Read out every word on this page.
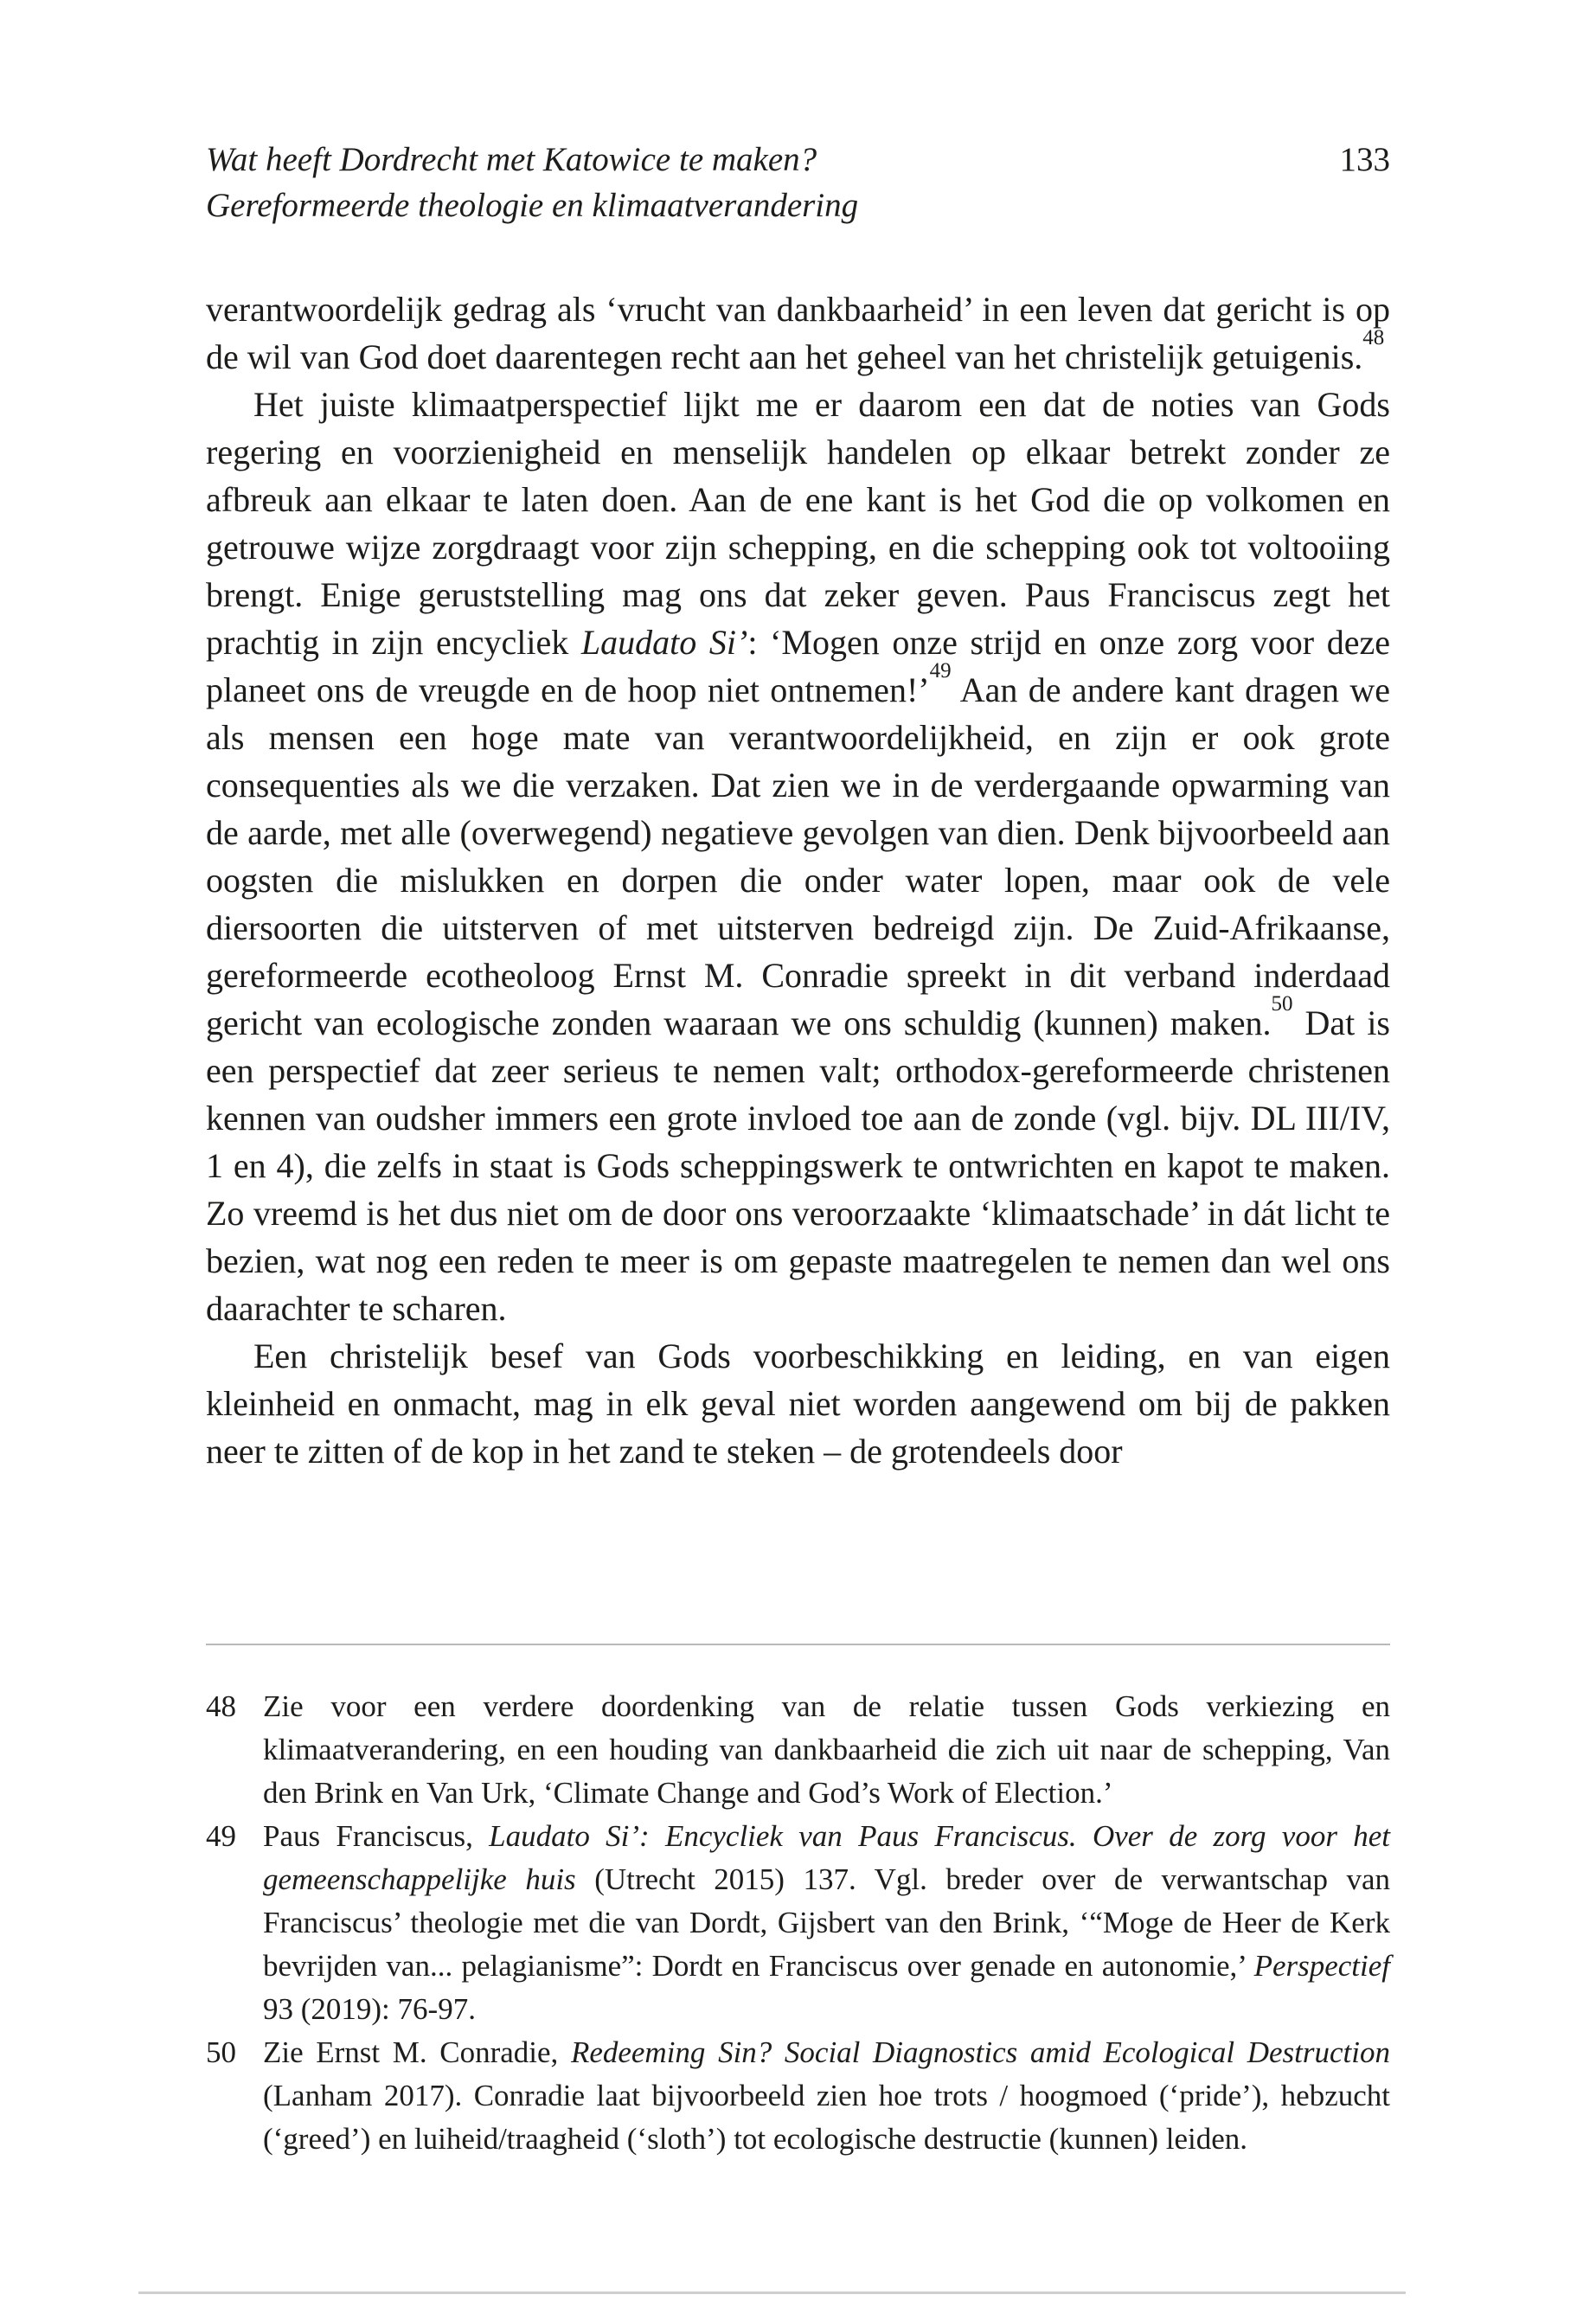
Wat heeft Dordrecht met Katowice te maken?
Gereformeerde theologie en klimaatverandering
133

verantwoordelijk gedrag als ‘vrucht van dankbaarheid’ in een leven dat gericht is op de wil van God doet daarentegen recht aan het geheel van het christelijk getuigenis.$^{48}$

Het juiste klimaatperspectief lijkt me er daarom een dat de noties van Gods regering en voorzienigheid en menselijk handelen op elkaar betrekt zonder ze afbreuk aan elkaar te laten doen. Aan de ene kant is het God die op volkomen en getrouwe wijze zorgdraagt voor zijn schepping, en die schepping ook tot voltooiing brengt. Enige geruststelling mag ons dat zeker geven. Paus Franciscus zegt het prachtig in zijn encycliek Laudato Si’: ‘Mogen onze strijd en onze zorg voor deze planeet ons de vreugde en de hoop niet ontnemen!’$^{49}$ Aan de andere kant dragen we als mensen een hoge mate van verantwoordelijkheid, en zijn er ook grote consequenties als we die verzaken. Dat zien we in de verdergaande opwarming van de aarde, met alle (overwegend) negatieve gevolgen van dien. Denk bijvoorbeeld aan oogsten die mislukken en dorpen die onder water lopen, maar ook de vele diersoorten die uitsterven of met uitsterven bedreigd zijn. De Zuid-Afrikaanse, gereformeerde ecotheoloog Ernst M. Conradie spreekt in dit verband inderdaad gericht van ecologische zonden waaraan we ons schuldig (kunnen) maken.$^{50}$ Dat is een perspectief dat zeer serieus te nemen valt; orthodox-gereformeerde christenen kennen van oudsher immers een grote invloed toe aan de zonde (vgl. bijv. DL III/IV, 1 en 4), die zelfs in staat is Gods scheppingswerk te ontwrichten en kapot te maken. Zo vreemd is het dus niet om de door ons veroorzaakte ‘klimaatschade’ in dát licht te bezien, wat nog een reden te meer is om gepaste maatregelen te nemen dan wel ons daarachter te scharen.

Een christelijk besef van Gods voorbeschikking en leiding, en van eigen kleinheid en onmacht, mag in elk geval niet worden aangewend om bij de pakken neer te zitten of de kop in het zand te steken – de grotendeels door

48 Zie voor een verdere doordenking van de relatie tussen Gods verkiezing en klimaatverandering, en een houding van dankbaarheid die zich uit naar de schepping, Van den Brink en Van Urk, ‘Climate Change and God’s Work of Election.’
49 Paus Franciscus, Laudato Si’: Encycliek van Paus Franciscus. Over de zorg voor het gemeenschappelijke huis (Utrecht 2015) 137. Vgl. breder over de verwantschap van Franciscus’ theologie met die van Dordt, Gijsbert van den Brink, ‘“Moge de Heer de Kerk bevrijden van... pelagianisme”: Dordt en Franciscus over genade en autonomie,’ Perspectief 93 (2019): 76-97.
50 Zie Ernst M. Conradie, Redeeming Sin? Social Diagnostics amid Ecological Destruction (Lanham 2017). Conradie laat bijvoorbeeld zien hoe trots / hoogmoed (‘pride’), hebzucht (‘greed’) en luiheid/traagheid (‘sloth’) tot ecologische destructie (kunnen) leiden.
